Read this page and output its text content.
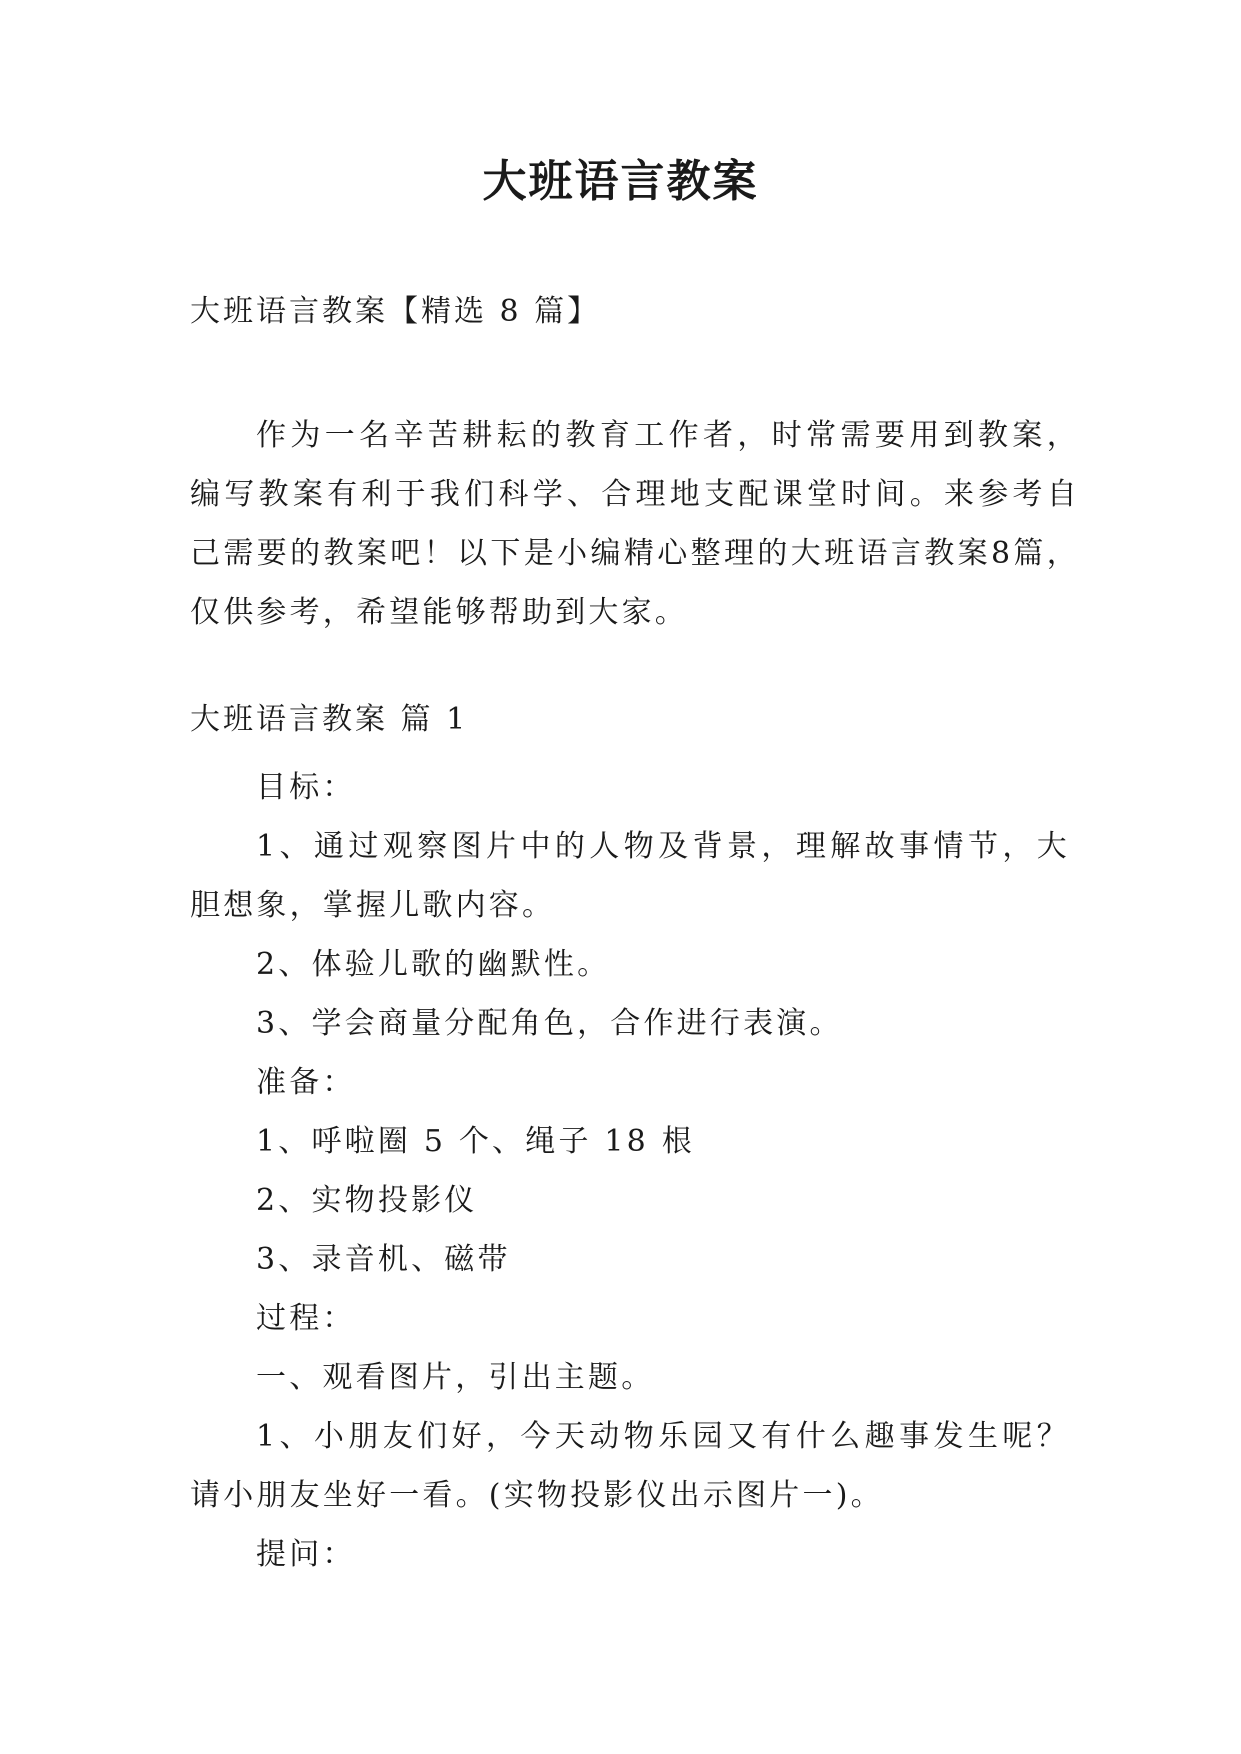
大班语言教案

大班语言教案【精选 8 篇】

作为一名辛苦耕耘的教育工作者，时常需要用到教案，编写教案有利于我们科学、合理地支配课堂时间。来参考自己需要的教案吧！以下是小编精心整理的大班语言教案8篇，仅供参考，希望能够帮助到大家。

大班语言教案 篇 1

目标：
1、通过观察图片中的人物及背景，理解故事情节，大胆想象，掌握儿歌内容。
2、体验儿歌的幽默性。
3、学会商量分配角色，合作进行表演。
准备：
1、呼啦圈 5 个、绳子 18 根
2、实物投影仪
3、录音机、磁带
过程：
一、观看图片，引出主题。
1、小朋友们好，今天动物乐园又有什么趣事发生呢？请小朋友坐好一看。(实物投影仪出示图片一)。
提问：
